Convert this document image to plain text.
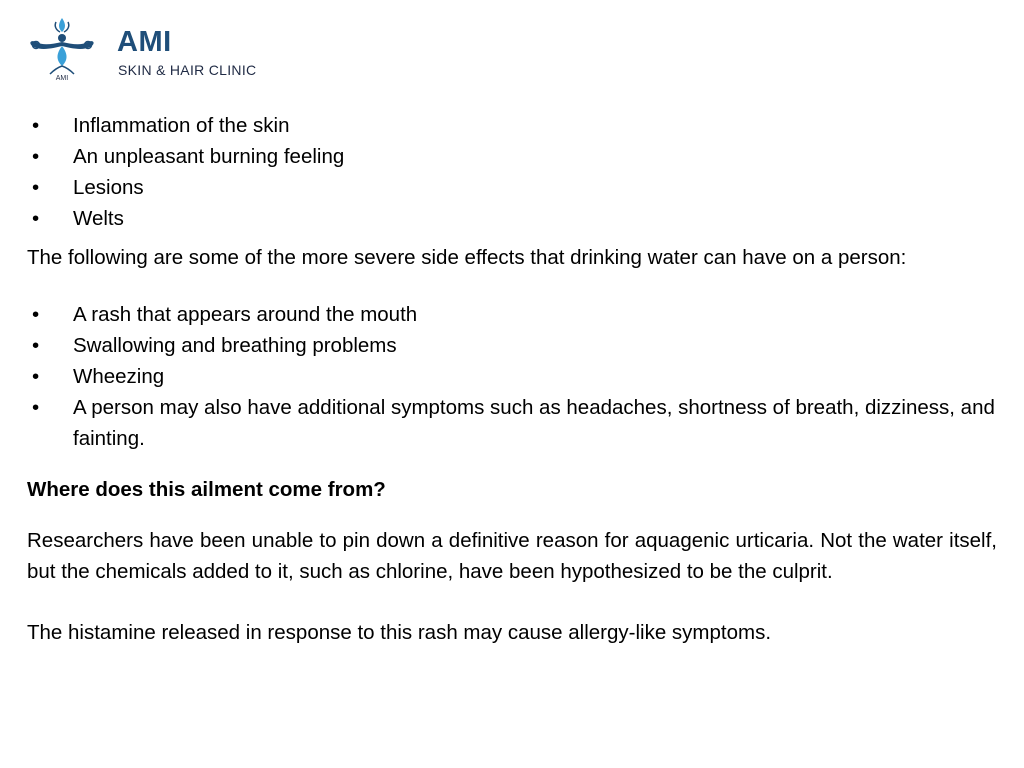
AMI
AMI
SKIN & HAIR CLINIC
• Inflammation of the skin
• An unpleasant burning feeling
• Lesions
• Welts

The following are some of the more severe side effects that drinking water can have on a person:

• A rash that appears around the mouth
• Swallowing and breathing problems
• Wheezing
• A person may also have additional symptoms such as headaches, shortness of breath, dizziness, and fainting.

Where does this ailment come from?

Researchers have been unable to pin down a definitive reason for aquagenic urticaria. Not the water itself, but the chemicals added to it, such as chlorine, have been hypothesized to be the culprit.

The histamine released in response to this rash may cause allergy-like symptoms.
